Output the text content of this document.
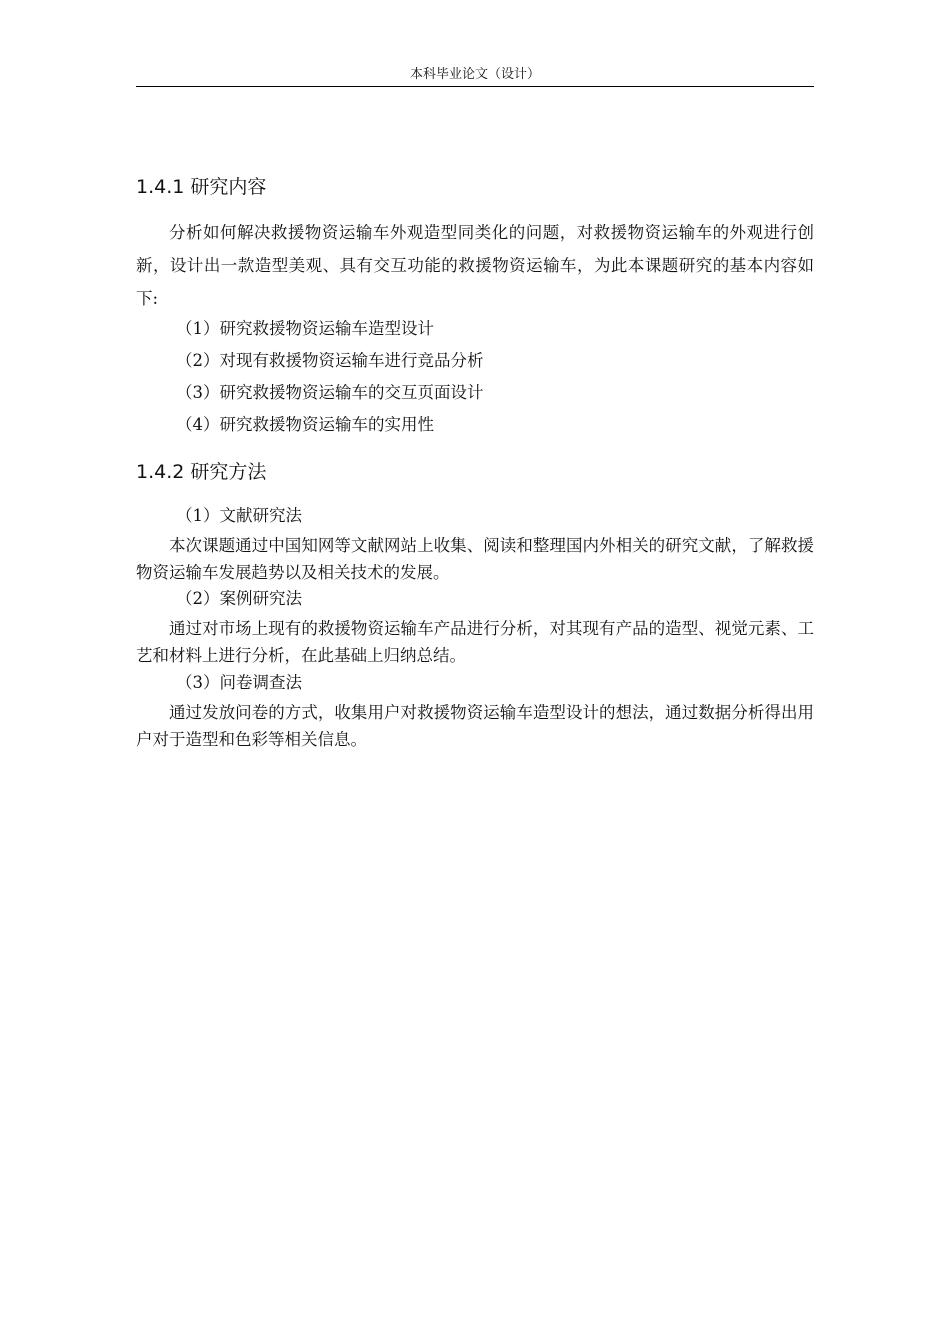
本科毕业论文（设计）
1.4.1 研究内容

分析如何解决救援物资运输车外观造型同类化的问题，对救援物资运输车的外观进行创新，设计出一款造型美观、具有交互功能的救援物资运输车，为此本课题研究的基本内容如下:

（1）研究救援物资运输车造型设计
（2）对现有救援物资运输车进行竞品分析
（3）研究救援物资运输车的交互页面设计
（4）研究救援物资运输车的实用性
1.4.2 研究方法
（1）文献研究法

本次课题通过中国知网等文献网站上收集、阅读和整理国内外相关的研究文献，了解救援物资运输车发展趋势以及相关技术的发展。

（2）案例研究法

通过对市场上现有的救援物资运输车产品进行分析，对其现有产品的造型、视觉元素、工艺和材料上进行分析，在此基础上归纳总结。

（3）问卷调查法

通过发放问卷的方式，收集用户对救援物资运输车造型设计的想法，通过数据分析得出用户对于造型和色彩等相关信息。
